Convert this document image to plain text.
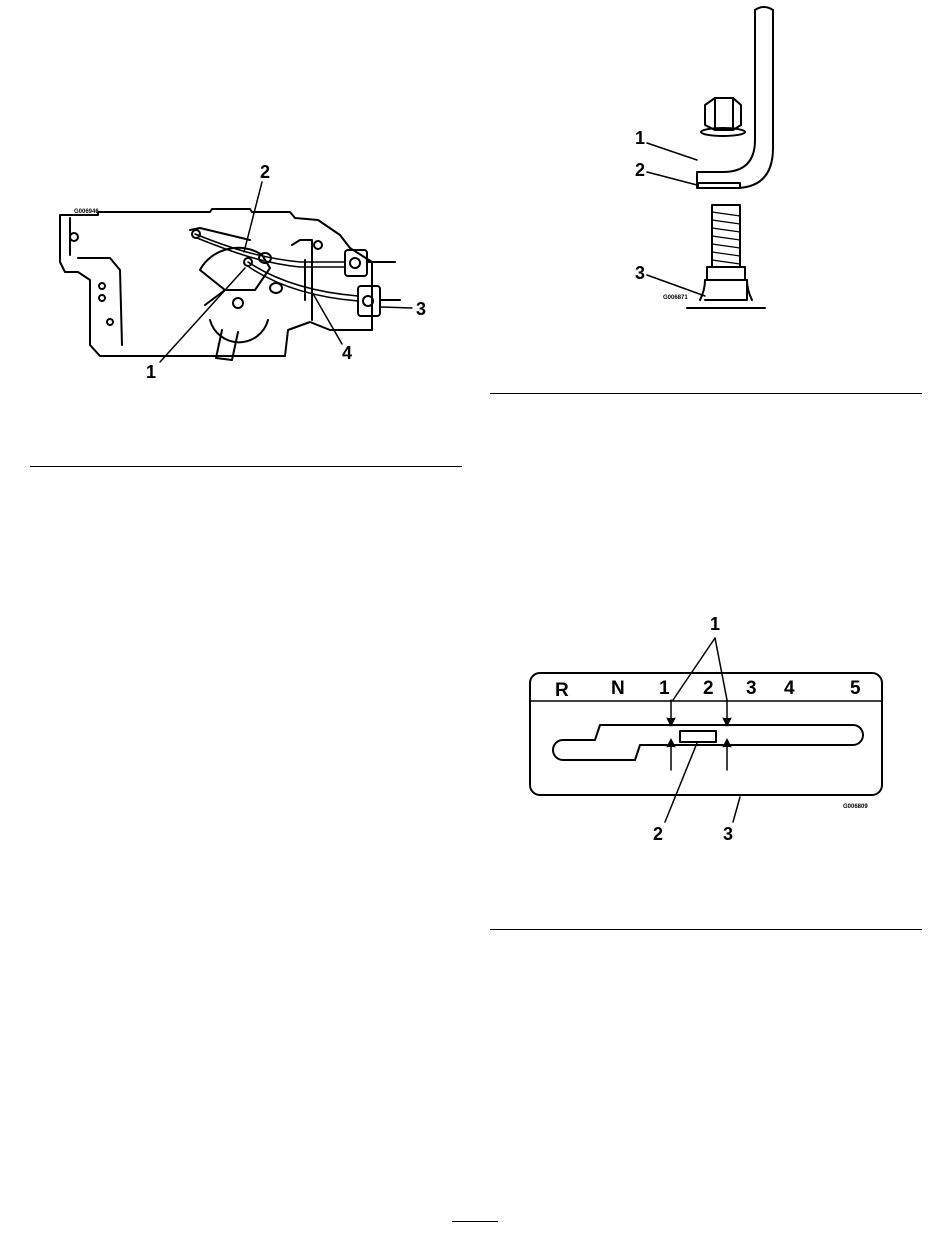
G006946
1
2
3
4
G006871
1
2
3
R N 1 2 3 4	5
G006809
1
2	3
